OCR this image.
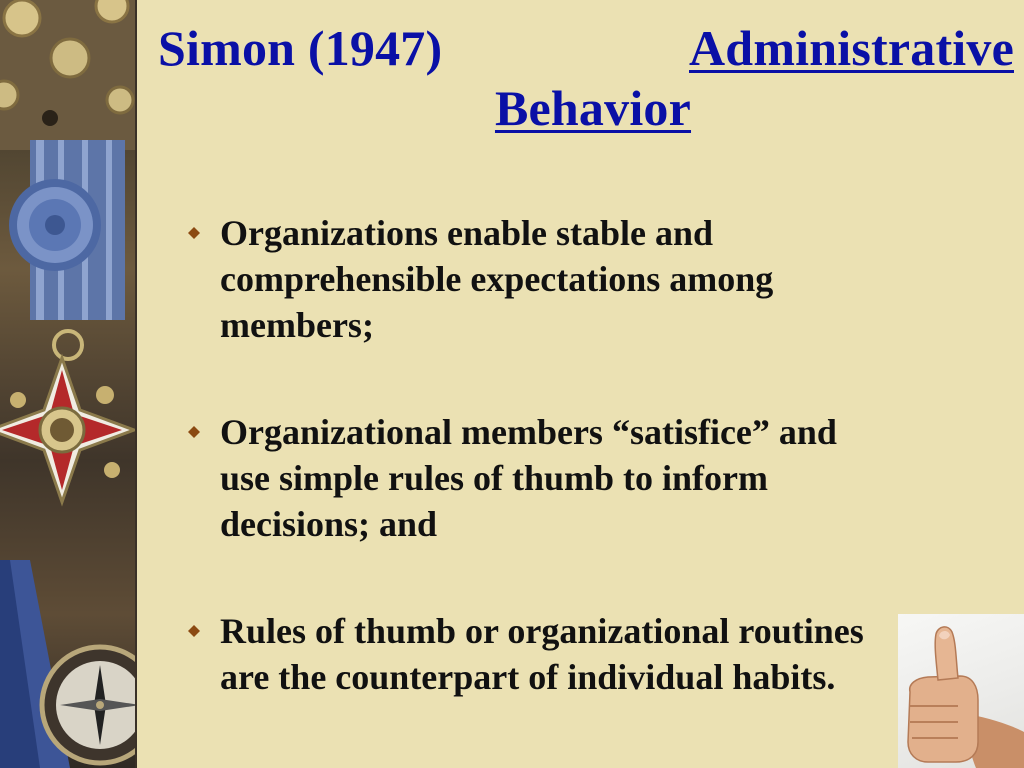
Simon (1947)	Administrative
Behavior
Organizations enable stable and comprehensible expectations among members;
Organizational members “satisfice” and use simple rules of thumb to inform decisions; and
Rules of thumb or organizational routines are the counterpart of individual habits.
